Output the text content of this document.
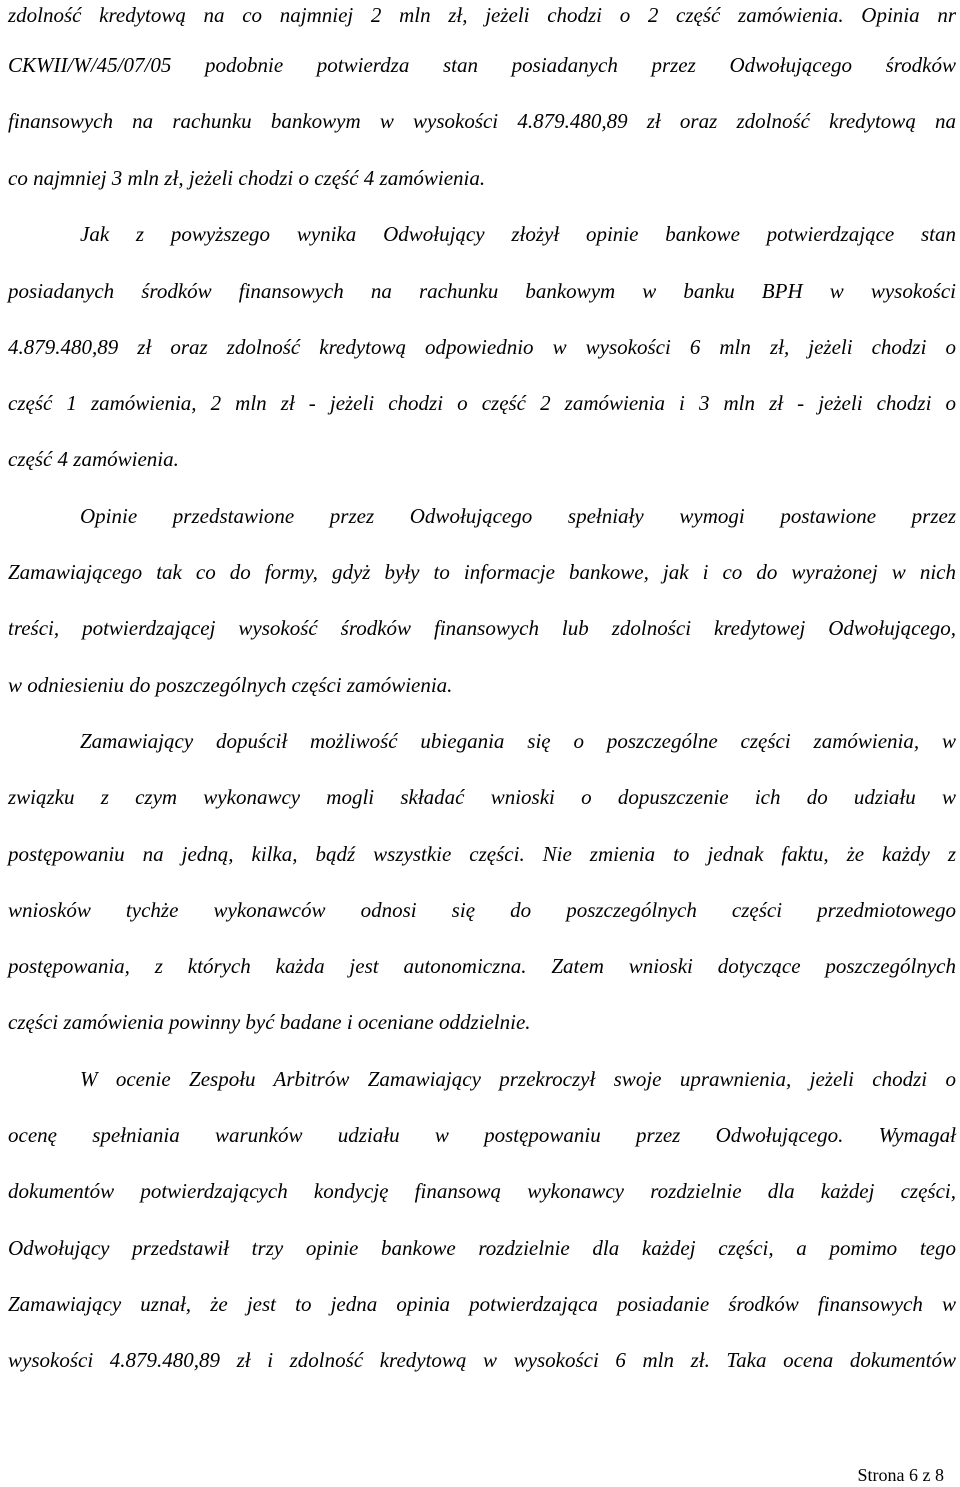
zdolność kredytową na co najmniej 2 mln zł, jeżeli chodzi o 2 część zamówienia. Opinia nr
CKWII/W/45/07/05 podobnie potwierdza stan posiadanych przez Odwołującego środków
finansowych na rachunku bankowym w wysokości 4.879.480,89 zł oraz zdolność kredytową na
co najmniej 3 mln zł, jeżeli chodzi o część 4 zamówienia.
Jak z powyższego wynika Odwołujący złożył opinie bankowe potwierdzające stan
posiadanych środków finansowych na rachunku bankowym w banku BPH w wysokości
4.879.480,89 zł oraz zdolność kredytową odpowiednio w wysokości 6 mln zł, jeżeli chodzi o
część 1 zamówienia, 2 mln zł - jeżeli chodzi o część 2 zamówienia i 3 mln zł - jeżeli chodzi o
część 4 zamówienia.
Opinie przedstawione przez Odwołującego spełniały wymogi postawione przez
Zamawiającego tak co do formy, gdyż były to informacje bankowe, jak i co do wyrażonej w nich
treści, potwierdzającej wysokość środków finansowych lub zdolności kredytowej Odwołującego,
w odniesieniu do poszczególnych części zamówienia.
Zamawiający dopuścił możliwość ubiegania się o poszczególne części zamówienia, w
związku z czym wykonawcy mogli składać wnioski o dopuszczenie ich do udziału w
postępowaniu na jedną, kilka, bądź wszystkie części. Nie zmienia to jednak faktu, że każdy z
wniosków tychże wykonawców odnosi się do poszczególnych części przedmiotowego
postępowania, z których każda jest autonomiczna. Zatem wnioski dotyczące poszczególnych
części zamówienia powinny być badane i oceniane oddzielnie.
W ocenie Zespołu Arbitrów Zamawiający przekroczył swoje uprawnienia, jeżeli chodzi o
ocenę spełniania warunków udziału w postępowaniu przez Odwołującego. Wymagał
dokumentów potwierdzających kondycję finansową wykonawcy rozdzielnie dla każdej części,
Odwołujący przedstawił trzy opinie bankowe rozdzielnie dla każdej części, a pomimo tego
Zamawiający uznał, że jest to jedna opinia potwierdzająca posiadanie środków finansowych w
wysokości 4.879.480,89 zł i zdolność kredytową w wysokości 6 mln zł. Taka ocena dokumentów
Strona 6 z 8
